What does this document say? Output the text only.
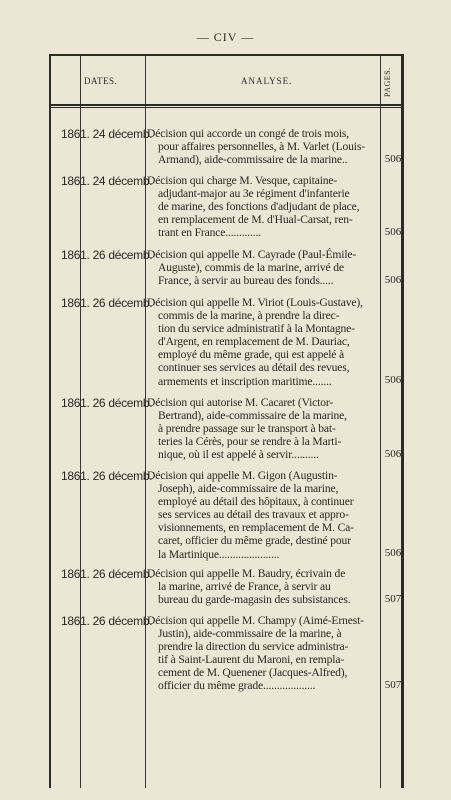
— CIV —
DATES.	ANALYSE.	PAGES.
1861. 24 décemb.
Décision qui accorde un congé de trois mois,
pour affaires personnelles, à M. Varlet (Louis-
Armand), aide-commissaire de la marine..	506
1861. 24 décemb.
Décision qui charge M. Vesque, capitaine-
adjudant-major au 3e régiment d'infanterie
de marine, des fonctions d'adjudant de place,
en remplacement de M. d'Hual-Carsat, ren-
trant en France.............	506
1861. 26 décemb.
Décision qui appelle M. Cayrade (Paul-Émile-
Auguste), commis de la marine, arrivé de
France, à servir au bureau des fonds.....	506
1861. 26 décemb.
Décision qui appelle M. Viriot (Louis-Gustave),
commis de la marine, à prendre la direc-
tion du service administratif à la Montagne-
d'Argent, en remplacement de M. Dauriac,
employé du même grade, qui est appelé à
continuer ses services au détail des revues,
armements et inscription maritime.......	506
1861. 26 décemb.
Décision qui autorise M. Cacaret (Victor-
Bertrand), aide-commissaire de la marine,
à prendre passage sur le transport à bat-
teries la Cérès, pour se rendre à la Marti-
nique, où il est appelé à servir..........	506
1861. 26 décemb.
Décision qui appelle M. Gigon (Augustin-
Joseph), aide-commissaire de la marine,
employé au détail des hôpitaux, à continuer
ses services au détail des travaux et appro-
visionnements, en remplacement de M. Ca-
caret, officier du même grade, destiné pour
la Martinique......................	506
1861. 26 décemb.
Décision qui appelle M. Baudry, écrivain de
la marine, arrivé de France, à servir au
bureau du garde-magasin des subsistances.	507
1861. 26 décemb.
Décision qui appelle M. Champy (Aimé-Ernest-
Justin), aide-commissaire de la marine, à
prendre la direction du service administra-
tif à Saint-Laurent du Maroni, en rempla-
cement de M. Quenener (Jacques-Alfred),
officier du même grade...................	507
